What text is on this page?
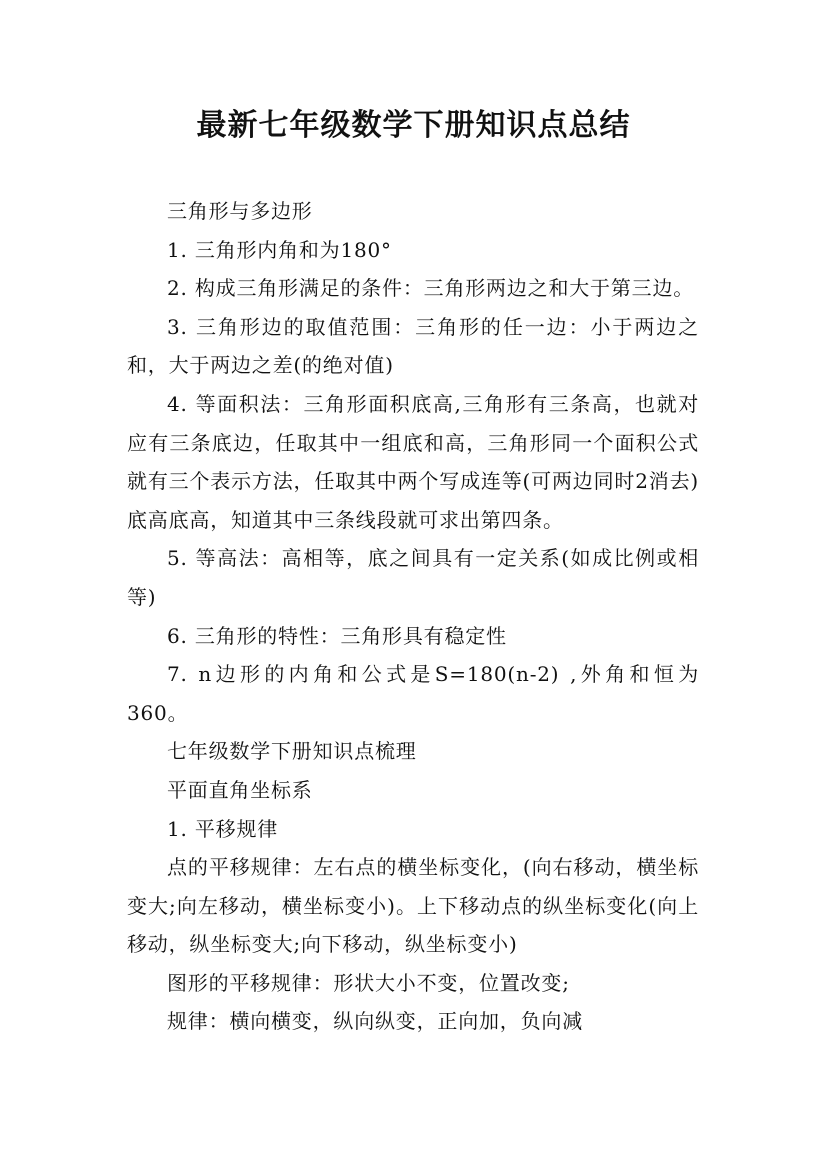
最新七年级数学下册知识点总结

三角形与多边形

1. 三角形内角和为180°

2. 构成三角形满足的条件：三角形两边之和大于第三边。

3. 三角形边的取值范围：三角形的任一边：小于两边之和，大于两边之差(的绝对值)

4. 等面积法：三角形面积底高,三角形有三条高，也就对应有三条底边，任取其中一组底和高，三角形同一个面积公式就有三个表示方法，任取其中两个写成连等(可两边同时2消去)底高底高，知道其中三条线段就可求出第四条。

5. 等高法：高相等，底之间具有一定关系(如成比例或相等)

6. 三角形的特性：三角形具有稳定性

7. n边形的内角和公式是S=180(n-2) ,外角和恒为360。

七年级数学下册知识点梳理

平面直角坐标系

1. 平移规律

点的平移规律：左右点的横坐标变化，(向右移动，横坐标变大;向左移动，横坐标变小)。上下移动点的纵坐标变化(向上移动，纵坐标变大;向下移动，纵坐标变小)

图形的平移规律：形状大小不变，位置改变;

规律：横向横变，纵向纵变，正向加，负向减
